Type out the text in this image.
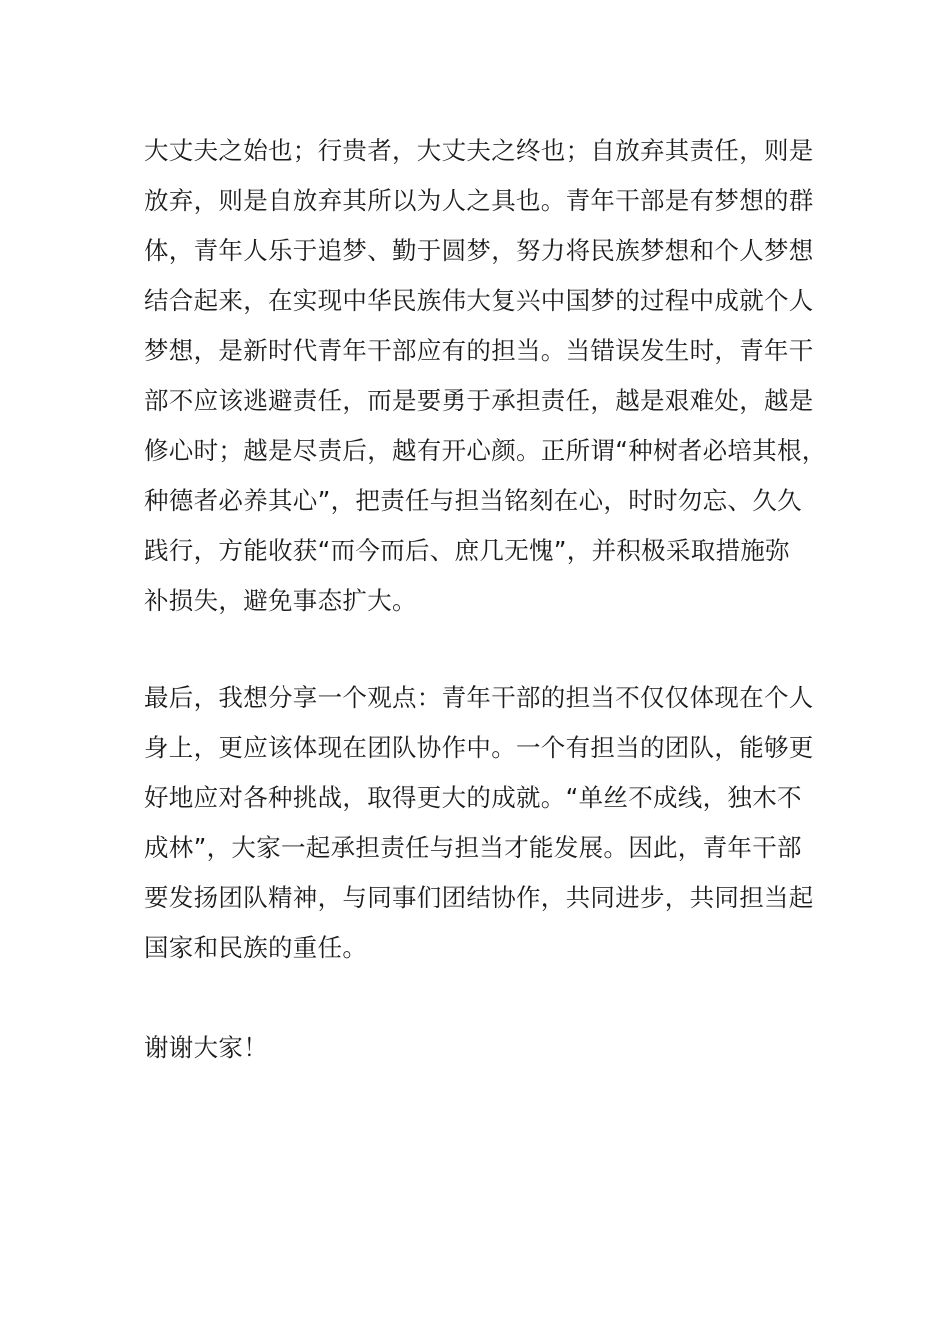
大丈夫之始也；行贵者，大丈夫之终也；自放弃其责任，则是
放弃，则是自放弃其所以为人之具也。青年干部是有梦想的群
体，青年人乐于追梦、勤于圆梦，努力将民族梦想和个人梦想
结合起来，在实现中华民族伟大复兴中国梦的过程中成就个人
梦想，是新时代青年干部应有的担当。当错误发生时，青年干
部不应该逃避责任，而是要勇于承担责任，越是艰难处，越是
修心时；越是尽责后，越有开心颜。正所谓“种树者必培其根，
种德者必养其心”，把责任与担当铭刻在心，时时勿忘、久久
践行，方能收获“而今而后、庶几无愧”，并积极采取措施弥
补损失，避免事态扩大。
最后，我想分享一个观点：青年干部的担当不仅仅体现在个人
身上，更应该体现在团队协作中。一个有担当的团队，能够更
好地应对各种挑战，取得更大的成就。“单丝不成线，独木不
成林”，大家一起承担责任与担当才能发展。因此，青年干部
要发扬团队精神，与同事们团结协作，共同进步，共同担当起
国家和民族的重任。
谢谢大家！
